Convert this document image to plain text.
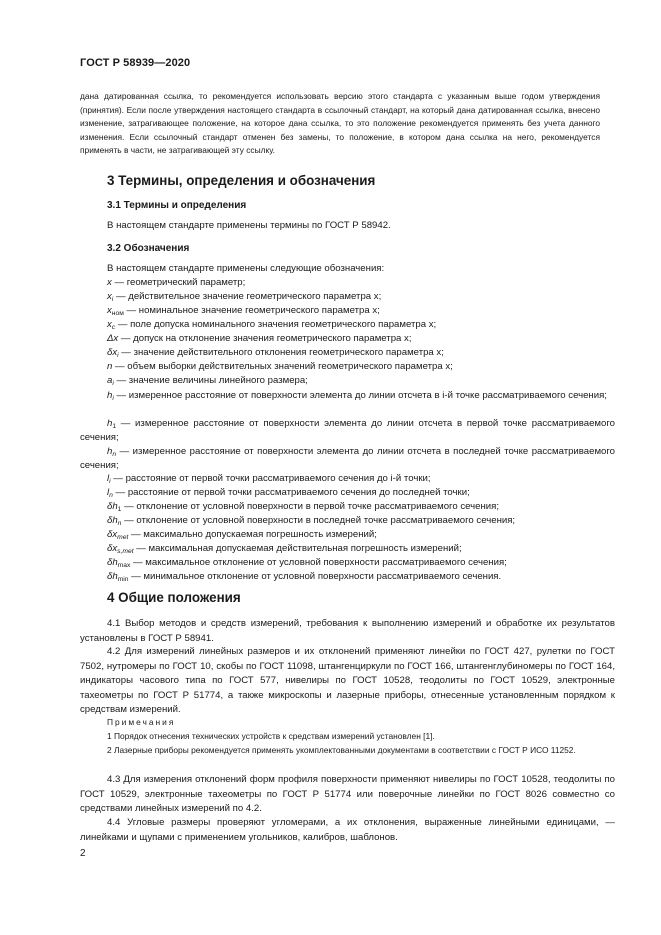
ГОСТ Р 58939—2020
дана датированная ссылка, то рекомендуется использовать версию этого стандарта с указанным выше годом утверждения (принятия). Если после утверждения настоящего стандарта в ссылочный стандарт, на который дана датированная ссылка, внесено изменение, затрагивающее положение, на которое дана ссылка, то это положение рекомендуется применять без учета данного изменения. Если ссылочный стандарт отменен без замены, то положение, в котором дана ссылка на него, рекомендуется применять в части, не затрагивающей эту ссылку.
3 Термины, определения и обозначения
3.1 Термины и определения
В настоящем стандарте применены термины по ГОСТ Р 58942.
3.2 Обозначения
В настоящем стандарте применены следующие обозначения:
x — геометрический параметр;
$x_i$ — действительное значение геометрического параметра x;
$x_{ном}$ — номинальное значение геометрического параметра x;
$x_c$ — поле допуска номинального значения геометрического параметра x;
Δx — допуск на отклонение значения геометрического параметра x;
$\delta x_i$ — значение действительного отклонения геометрического параметра x;
n — объем выборки действительных значений геометрического параметра x;
$a_i$ — значение величины линейного размера;
$h_i$ — измеренное расстояние от поверхности элемента до линии отсчета в i-й точке рассматриваемого сечения;
$h_1$ — измеренное расстояние от поверхности элемента до линии отсчета в первой точке рассматриваемого сечения;
$h_n$ — измеренное расстояние от поверхности элемента до линии отсчета в последней точке рассматриваемого сечения;
$l_i$ — расстояние от первой точки рассматриваемого сечения до i-й точки;
$l_n$ — расстояние от первой точки рассматриваемого сечения до последней точки;
$\delta h_1$ — отклонение от условной поверхности в первой точке рассматриваемого сечения;
$\delta h_n$ — отклонение от условной поверхности в последней точке рассматриваемого сечения;
$\delta x_{met}$ — максимально допускаемая погрешность измерений;
$\delta x_{s,met}$ — максимальная допускаемая действительная погрешность измерений;
$\delta h_{max}$ — максимальное отклонение от условной поверхности рассматриваемого сечения;
$\delta h_{min}$ — минимальное отклонение от условной поверхности рассматриваемого сечения.
4 Общие положения
4.1 Выбор методов и средств измерений, требования к выполнению измерений и обработке их результатов установлены в ГОСТ Р 58941.
4.2 Для измерений линейных размеров и их отклонений применяют линейки по ГОСТ 427, рулетки по ГОСТ 7502, нутромеры по ГОСТ 10, скобы по ГОСТ 11098, штангенциркули по ГОСТ 166, штангенглубиномеры по ГОСТ 164, индикаторы часового типа по ГОСТ 577, нивелиры по ГОСТ 10528, теодолиты по ГОСТ 10529, электронные тахеометры по ГОСТ Р 51774, а также микроскопы и лазерные приборы, отнесенные установленным порядком к средствам измерений.
Примечания
1 Порядок отнесения технических устройств к средствам измерений установлен [1].
2 Лазерные приборы рекомендуется применять укомплектованными документами в соответствии с ГОСТ Р ИСО 11252.
4.3 Для измерения отклонений форм профиля поверхности применяют нивелиры по ГОСТ 10528, теодолиты по ГОСТ 10529, электронные тахеометры по ГОСТ Р 51774 или поверочные линейки по ГОСТ 8026 совместно со средствами линейных измерений по 4.2.
4.4 Угловые размеры проверяют угломерами, а их отклонения, выраженные линейными единицами, — линейками и щупами с применением угольников, калибров, шаблонов.
2
